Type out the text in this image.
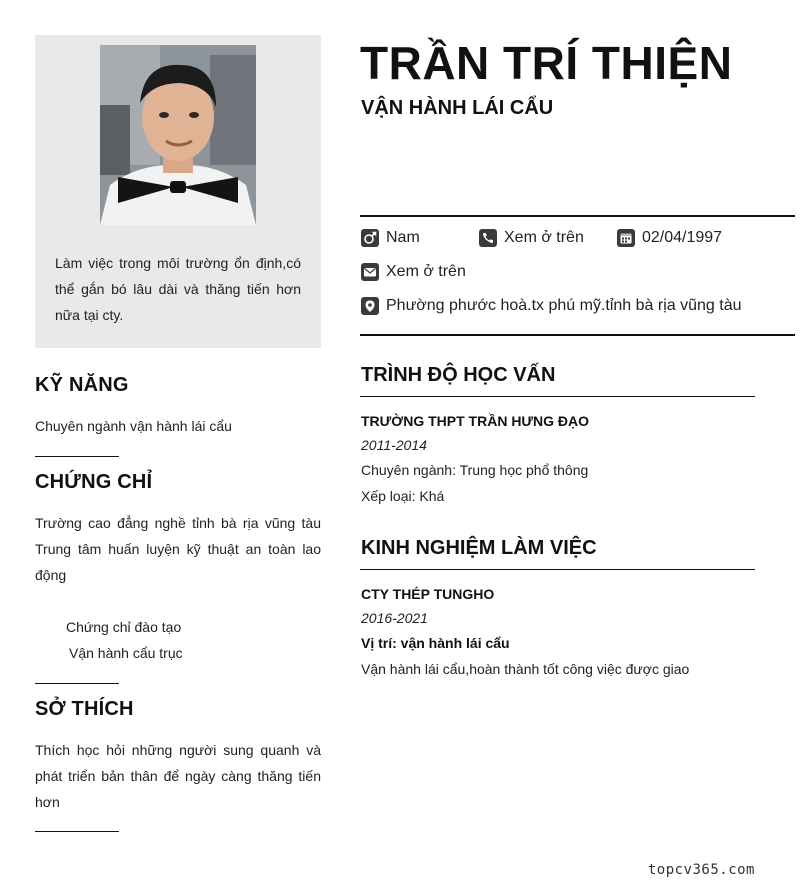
Làm việc trong môi trường ổn định,có thể gắn bó lâu dài và thăng tiến hơn nữa tại cty.
KỸ NĂNG
Chuyên ngành vận hành lái cẩu
CHỨNG CHỈ
Trường cao đẳng nghề tỉnh bà rịa vũng tàu Trung tâm huấn luyện kỹ thuật an toàn lao động
Chứng chỉ đào tạo
Vận hành cẩu trục
SỞ THÍCH
Thích học hỏi những người sung quanh và phát triển bản thân để ngày càng thăng tiến hơn
TRẦN TRÍ THIỆN
VẬN HÀNH LÁI CẨU
Nam	Xem ở trên	02/04/1997
Xem ở trên
Phường phước hoà.tx phú mỹ.tỉnh bà rịa vũng tàu
TRÌNH ĐỘ HỌC VẤN
TRƯỜNG THPT TRẦN HƯNG ĐẠO
2011-2014
Chuyên ngành: Trung học phổ thông
Xếp loại: Khá
KINH NGHIỆM LÀM VIỆC
CTY THÉP TUNGHO
2016-2021
Vị trí: vận hành lái cẩu
Vận hành lái cẩu,hoàn thành tốt công việc được giao
topcv365.com
